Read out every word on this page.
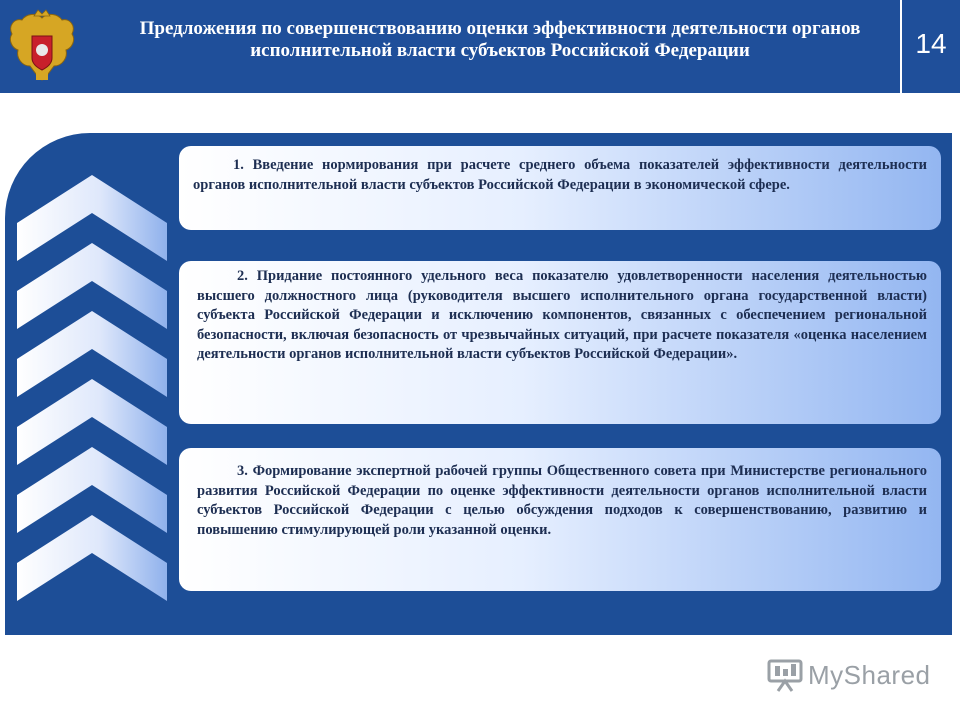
Предложения по совершенствованию оценки эффективности деятельности органов исполнительной власти субъектов Российской Федерации	14

1. Введение нормирования при расчете среднего объема показателей эффективности деятельности органов исполнительной власти субъектов Российской Федерации в экономической сфере.

2. Придание постоянного удельного веса показателю удовлетворенности населения деятельностью высшего должностного лица (руководителя высшего исполнительного органа государственной власти) субъекта Российской Федерации и исключению компонентов, связанных с обеспечением региональной безопасности, включая безопасность от чрезвычайных ситуаций, при расчете показателя «оценка населением деятельности органов исполнительной власти субъектов Российской Федерации».

3. Формирование экспертной рабочей группы Общественного совета при Министерстве регионального развития Российской Федерации по оценке эффективности деятельности органов исполнительной власти субъектов Российской Федерации с целью обсуждения подходов к совершенствованию, развитию и повышению стимулирующей роли указанной оценки.

MyShared
